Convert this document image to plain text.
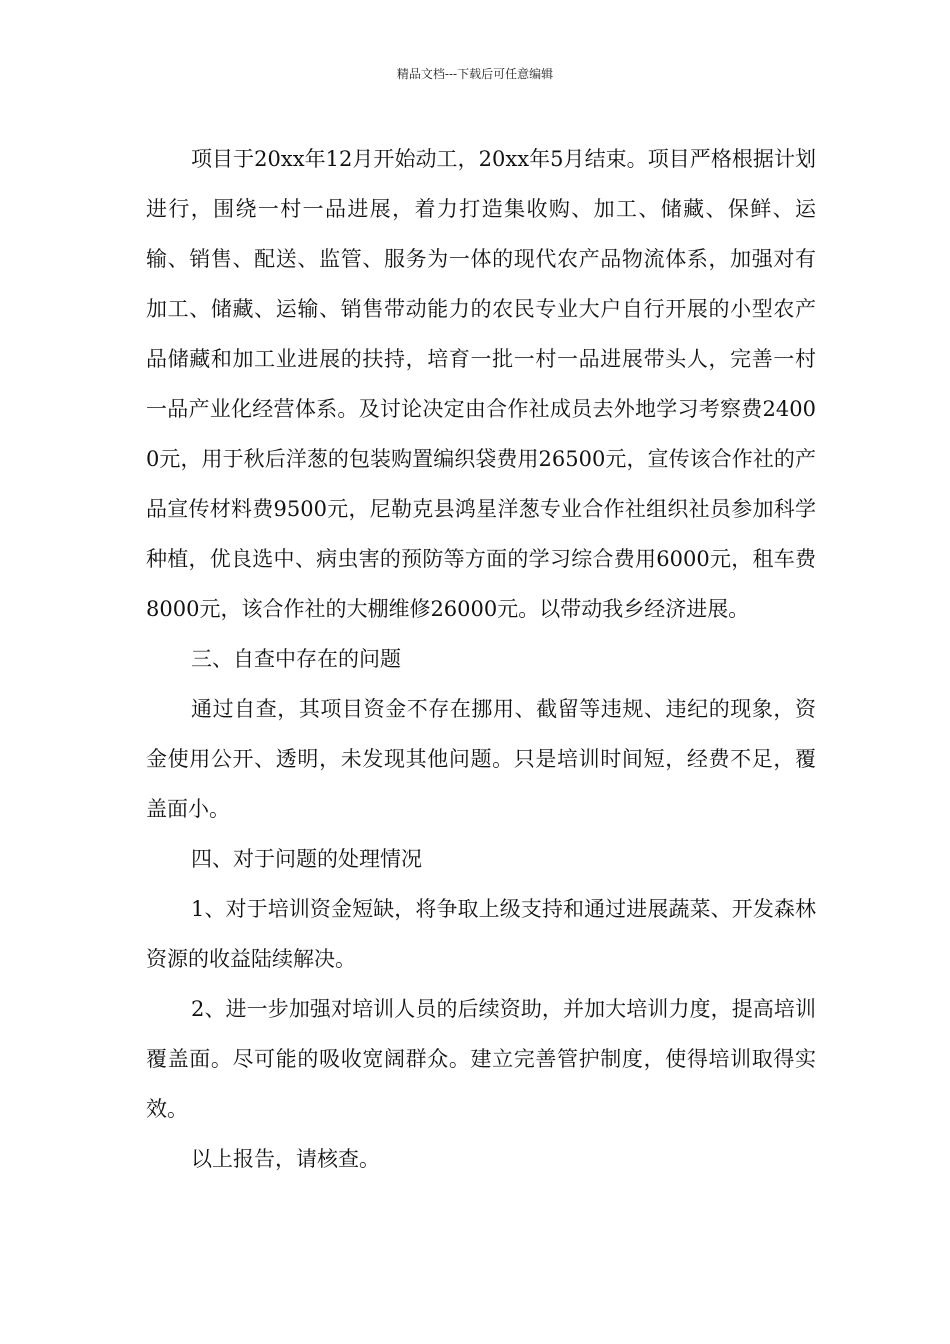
精品文档---下载后可任意编辑

项目于20xx年12月开始动工，20xx年5月结束。项目严格根据计划进行，围绕一村一品进展，着力打造集收购、加工、储藏、保鲜、运输、销售、配送、监管、服务为一体的现代农产品物流体系，加强对有加工、储藏、运输、销售带动能力的农民专业大户自行开展的小型农产品储藏和加工业进展的扶持，培育一批一村一品进展带头人，完善一村一品产业化经营体系。及讨论决定由合作社成员去外地学习考察费24000元，用于秋后洋葱的包装购置编织袋费用26500元，宣传该合作社的产品宣传材料费9500元，尼勒克县鸿星洋葱专业合作社组织社员参加科学种植，优良选中、病虫害的预防等方面的学习综合费用6000元，租车费8000元，该合作社的大棚维修26000元。以带动我乡经济进展。

三、自查中存在的问题

通过自查，其项目资金不存在挪用、截留等违规、违纪的现象，资金使用公开、透明，未发现其他问题。只是培训时间短，经费不足，覆盖面小。

四、对于问题的处理情况

1、对于培训资金短缺，将争取上级支持和通过进展蔬菜、开发森林资源的收益陆续解决。

2、进一步加强对培训人员的后续资助，并加大培训力度，提高培训覆盖面。尽可能的吸收宽阔群众。建立完善管护制度，使得培训取得实效。

以上报告，请核查。
